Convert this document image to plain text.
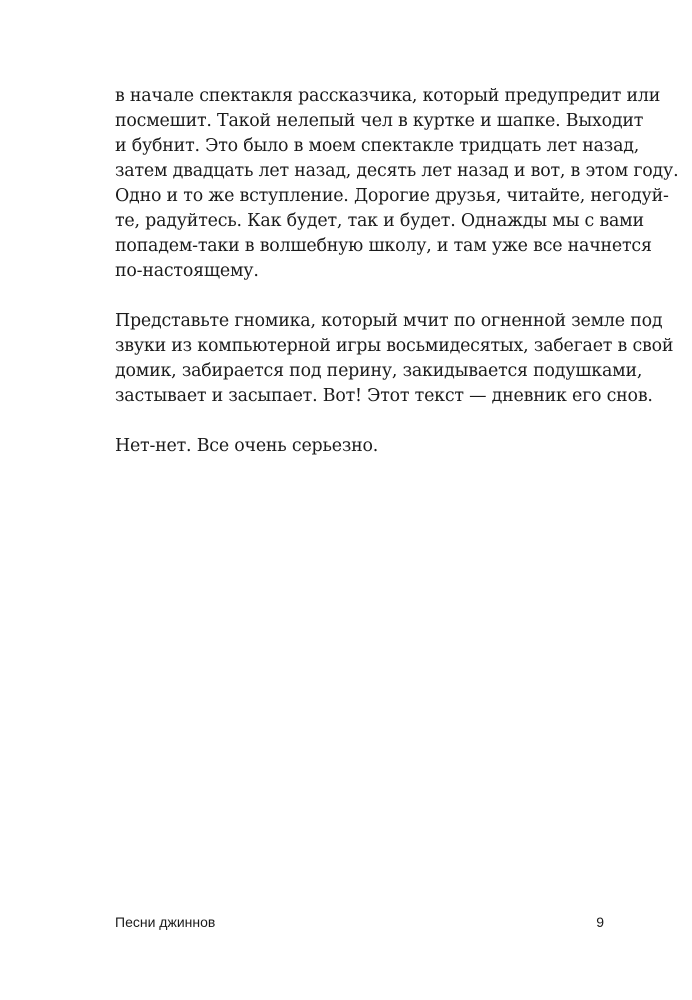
в начале спектакля рассказчика, который предупредит или
посмешит. Такой нелепый чел в куртке и шапке. Выходит
и бубнит. Это было в моем спектакле тридцать лет назад,
затем двадцать лет назад, десять лет назад и вот, в этом году.
Одно и то же вступление. Дорогие друзья, читайте, негодуй-
те, радуйтесь. Как будет, так и будет. Однажды мы с вами
попадем-таки в волшебную школу, и там уже все начнется
по-настоящему.

Представьте гномика, который мчит по огненной земле под
звуки из компьютерной игры восьмидесятых, забегает в свой
домик, забирается под перину, закидывается подушками,
застывает и засыпает. Вот! Этот текст — дневник его снов.

Нет-нет. Все очень серьезно.

Песни джиннов	9
